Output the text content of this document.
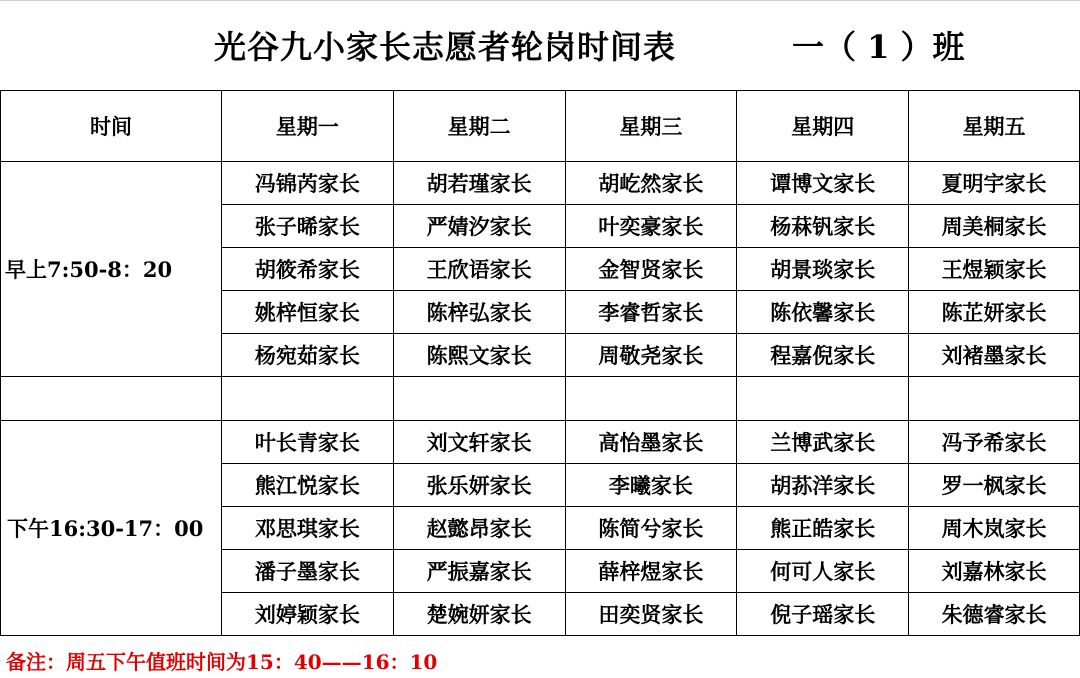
光谷九小家长志愿者轮岗时间表	一（ 1 ）班
时间	星期一	星期二	星期三	星期四	星期五
早上7:50-8：20	冯锦芮家长	胡若瑾家长	胡屹然家长	谭博文家长	夏明宇家长
	张子晞家长	严婧汐家长	叶奕豪家长	杨菻钒家长	周美桐家长
	胡筱希家长	王欣语家长	金智贤家长	胡景琰家长	王煜颖家长
	姚梓恒家长	陈梓弘家长	李睿哲家长	陈依馨家长	陈芷妍家长
	杨宛茹家长	陈熙文家长	周敬尧家长	程嘉倪家长	刘褚墨家长

下午16:30-17：00	叶长青家长	刘文轩家长	高怡墨家长	兰博武家长	冯予希家长
	熊江悦家长	张乐妍家长	李曦家长	胡荪洋家长	罗一枫家长
	邓思琪家长	赵懿昂家长	陈简兮家长	熊正皓家长	周木岚家长
	潘子墨家长	严振嘉家长	薛梓煜家长	何可人家长	刘嘉林家长
	刘婷颖家长	楚婉妍家长	田奕贤家长	倪子瑶家长	朱德睿家长
备注：周五下午值班时间为15：40——16：10
